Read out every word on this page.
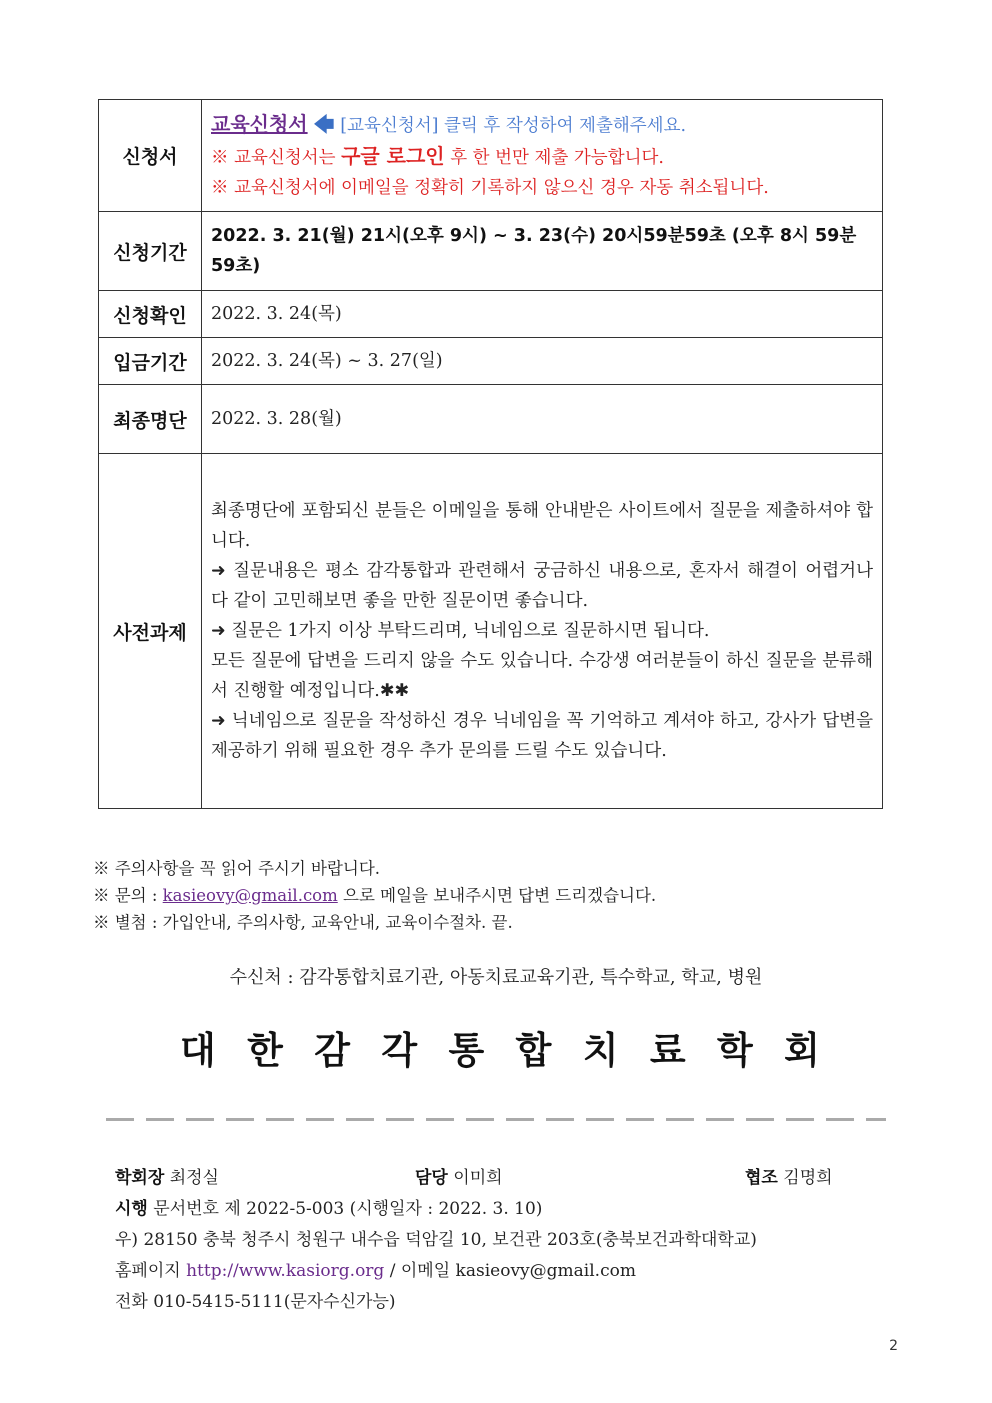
신청서	교육신청서 🡄 [교육신청서] 클릭 후 작성하여 제출해주세요.
※ 교육신청서는 구글 로그인 후 한 번만 제출 가능합니다.
※ 교육신청서에 이메일을 정확히 기록하지 않으신 경우 자동 취소됩니다.

신청기간	2022. 3. 21(월) 21시(오후 9시) ~ 3. 23(수) 20시59분59초 (오후 8시 59분59초)
신청확인	2022. 3. 24(목)
입금기간	2022. 3. 24(목) ~ 3. 27(일)
최종명단	2022. 3. 28(월)
사전과제	최종명단에 포함되신 분들은 이메일을 통해 안내받은 사이트에서 질문을 제출하셔야 합니다.

➜ 질문내용은 평소 감각통합과 관련해서 궁금하신 내용으로, 혼자서 해결이 어렵거나 다 같이 고민해보면 좋을 만한 질문이면 좋습니다.

➜ 질문은 1가지 이상 부탁드리며, 닉네임으로 질문하시면 됩니다.

모든 질문에 답변을 드리지 않을 수도 있습니다. 수강생 여러분들이 하신 질문을 분류해서 진행할 예정입니다.✱✱

➜ 닉네임으로 질문을 작성하신 경우 닉네임을 꼭 기억하고 계셔야 하고, 강사가 답변을 제공하기 위해 필요한 경우 추가 문의를 드릴 수도 있습니다.

※ 주의사항을 꼭 읽어 주시기 바랍니다.
※ 문의 : kasieovy@gmail.com 으로 메일을 보내주시면 답변 드리겠습니다.
※ 별첨 : 가입안내, 주의사항, 교육안내, 교육이수절차. 끝.
수신처 : 감각통합치료기관, 아동치료교육기관, 특수학교, 학교, 병원
대 한 감 각 통 합 치 료 학 회
학회장 최정실	담당 이미희	협조 김명희
시행 문서번호 제 2022-5-003 (시행일자 : 2022. 3. 10)
우) 28150 충북 청주시 청원구 내수읍 덕암길 10, 보건관 203호(충북보건과학대학교)
홈페이지 http://www.kasiorg.org / 이메일 kasieovy@gmail.com
전화 010-5415-5111(문자수신가능)
2
